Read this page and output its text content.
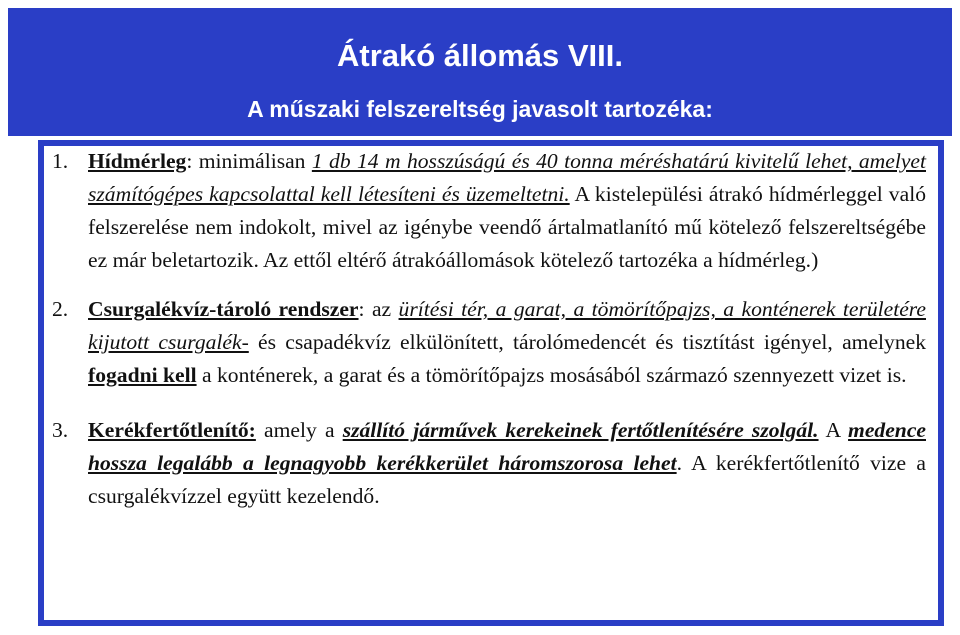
Átrakó állomás VIII.
A műszaki felszereltség javasolt tartozéka:
1. Hídmérleg: minimálisan 1 db 14 m hosszúságú és 40 tonna méréshatárú kivitelű lehet, amelyet számítógépes kapcsolattal kell létesíteni és üzemeltetni. A kistelepülési átrakó hídmérleggel való felszerelése nem indokolt, mivel az igénybe veendő ártalmatlanító mű kötelező felszereltségébe ez már beletartozik. Az ettől eltérő átrakóállomások kötelező tartozéka a hídmérleg.)
2. Csurgalékvíz-tároló rendszer: az ürítési tér, a garat, a tömörítőpajzs, a konténerek területére kijutott csurgalék- és csapadékvíz elkülönített, tárolómedencét és tisztítást igényel, amelynek fogadni kell a konténerek, a garat és a tömörítőpajzs mosásából származó szennyezett vizet is.
3. Kerékfertőtlenítő: amely a szállító járművek kerekeinek fertőtlenítésére szolgál. A medence hossza legalább a legnagyobb kerékkerület háromszorosa lehet. A kerékfertőtlenítő vize a csurgalékvízzel együtt kezelendő.
